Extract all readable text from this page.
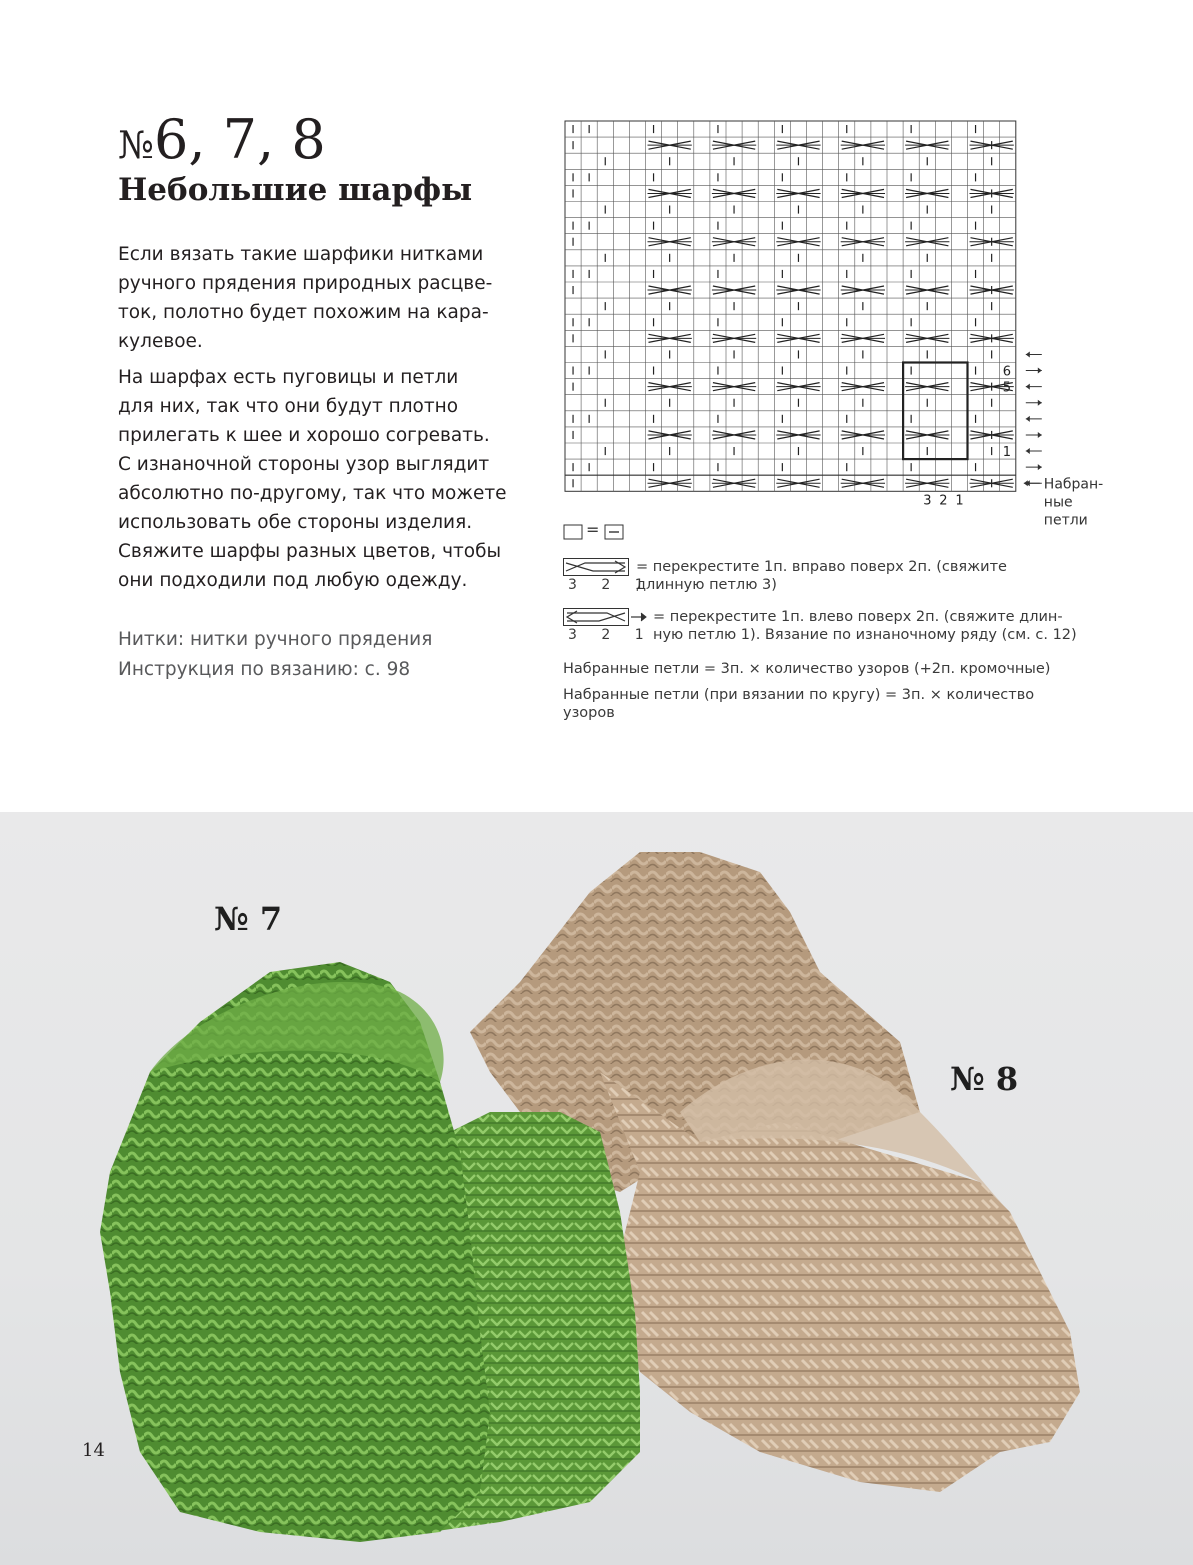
№6, 7, 8
Небольшие шарфы

Если вязать такие шарфики нитками
ручного прядения природных расцве-
ток, полотно будет похожим на кара-
кулевое.

На шарфах есть пуговицы и петли
для них, так что они будут плотно
прилегать к шее и хорошо согревать.
С изнаночной стороны узор выглядит
абсолютно по-другому, так что можете
использовать обе стороны изделия.
Свяжите шарфы разных цветов, чтобы
они подходили под любую одежду.

Нитки: нитки ручного прядения
Инструкция по вязанию: с. 98
6
5
1
3 2 1
Набран-
ные
петли
=
3 2 1
= перекрестите 1п. вправо поверх 2п. (свяжите
длинную петлю 3)
3 2 1
= перекрестите 1п. влево поверх 2п. (свяжите длин-
ную петлю 1). Вязание по изнаночному ряду (см. с. 12)

Набранные петли = 3п. × количество узоров (+2п. кромочные)

Набранные петли (при вязании по кругу) = 3п. × количество
узоров

№ 7
№ 8
14
